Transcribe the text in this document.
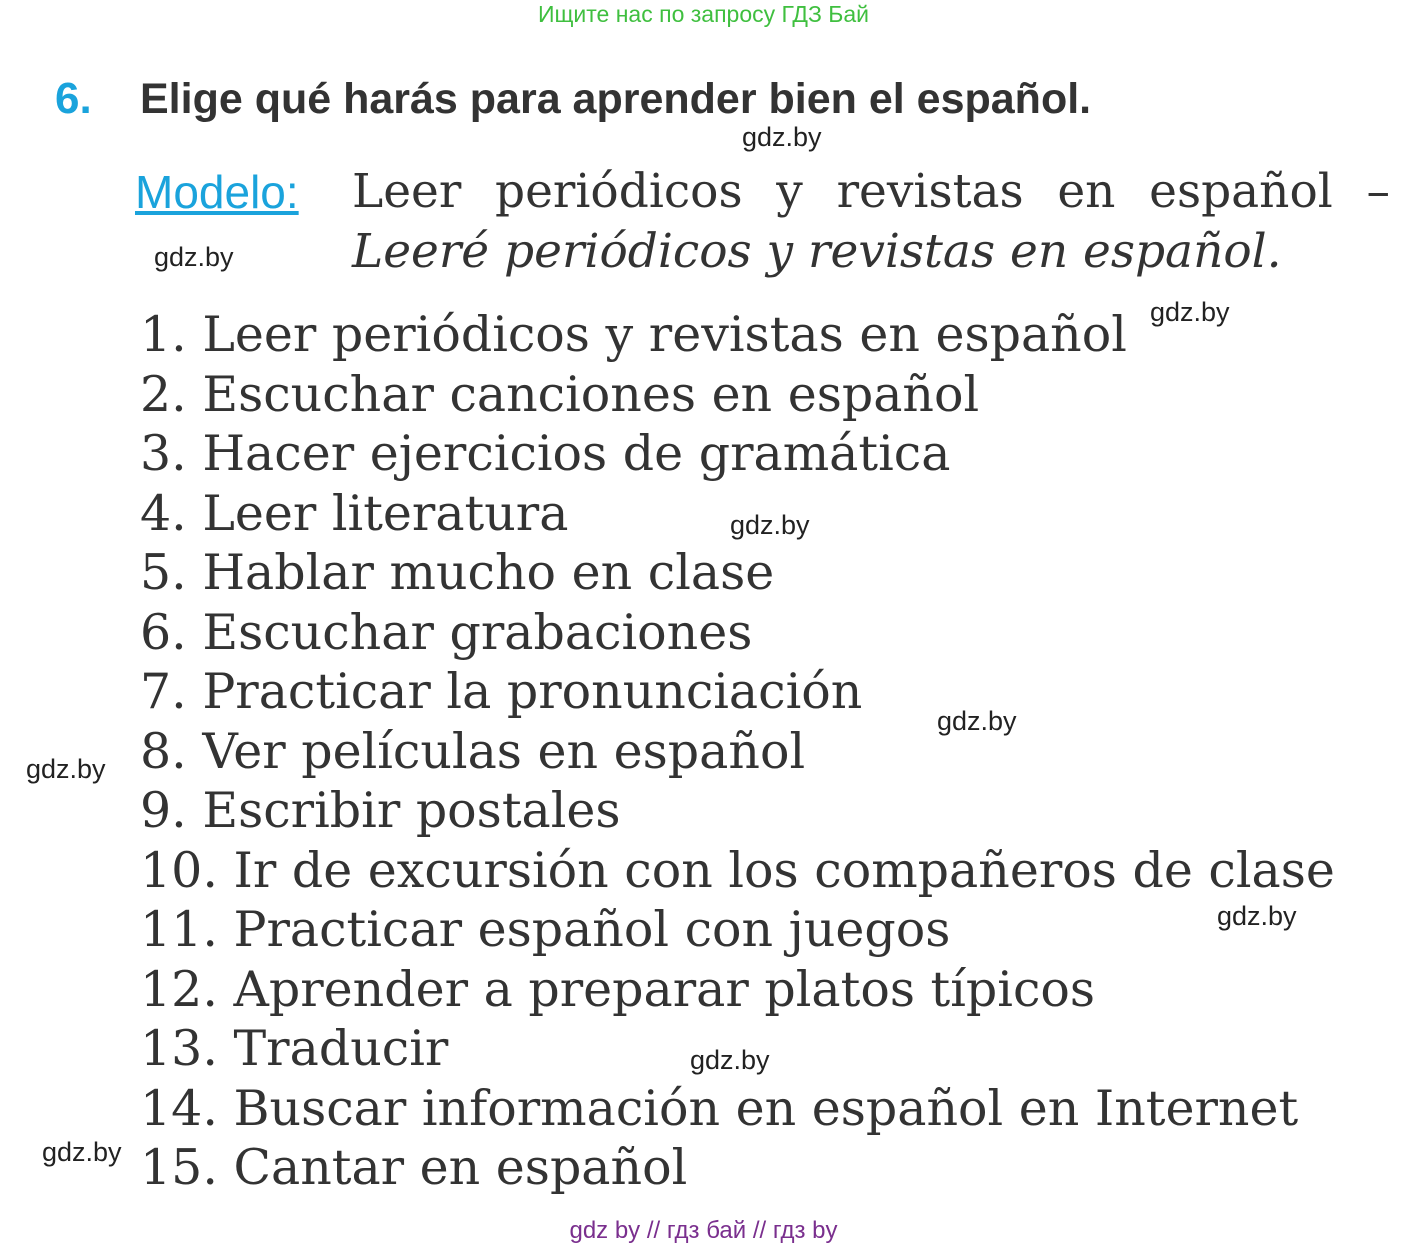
Ищите нас по запросу ГДЗ Бай
6. Elige qué harás para aprender bien el español.
Modelo: Leer periódicos y revistas en español –
Leeré periódicos y revistas en español.
1. Leer periódicos y revistas en español
2. Escuchar canciones en español
3. Hacer ejercicios de gramática
4. Leer literatura
5. Hablar mucho en clase
6. Escuchar grabaciones
7. Practicar la pronunciación
8. Ver películas en español
9. Escribir postales
10. Ir de excursión con los compañeros de clase
11. Practicar español con juegos
12. Aprender a preparar platos típicos
13. Traducir
14. Buscar información en español en Internet
15. Cantar en español
gdz.by
gdz.by
gdz.by
gdz.by
gdz.by
gdz.by
gdz.by
gdz.by
gdz.by
gdz by // гдз бай // гдз by
